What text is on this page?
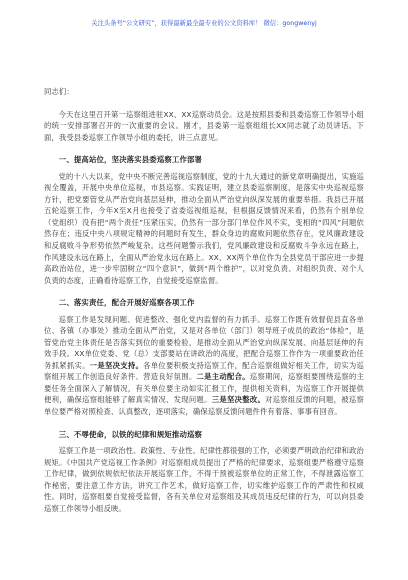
关注头条号“公文研究”，获得最新最全最专业的公文资料库！ 微信：gongwenyj

同志们：

今天在这里召开第一巡察组进驻XX、XX巡察动员会。这是按照县委和县委巡察工作领导小组的统一安排部署召开的一次重要的会议。刚才，县委第一巡察组组长XX同志就了动员讲话。下面，我受县委巡察工作领导小组的委托，讲三点意见。

一、提高站位，坚决落实县委巡察工作部署

党的十八大以来，党中央不断完善巡视巡察制度，党的十九大通过的新党章明确提出，实施巡视全覆盖，开展中央单位巡视，市县巡察。实践证明，建立县委巡察制度，是落实中央巡视巡察方针，把党要管党从严治党向基层延伸，推动全面从严治党向纵深发展的重要举措。我县已开展五轮巡察工作，今年X至X月也接受了省委巡视组巡视，但根据反馈情况来看，仍然有个别单位（党组织）没有把“两个责任”压紧压实，仍然有一部分部门单位作风不实，变相的“四风”问题依然存在；违反中央八项规定精神的问题时有发生，群众身边的腐败问题依然存在，党风廉政建设和反腐败斗争形势依然严峻复杂。这些问题警示我们，党风廉政建设和反腐败斗争永远在路上，作风建设永远在路上，全面从严治党永远在路上。XX、XX两个单位作为全县党员干部应进一步提高政治站位，进一步牢固树立“四个意识”，做到“两个维护”，以对党负责、对组织负责、对个人负责的态度，正确看待巡察工作，自觉接受巡察监督。

二、落实责任，配合开展好巡察各项工作

巡察工作是发现问题、促进整改、强化党内监督的有力抓手。巡察工作既有效督促县直各单位、各镇（办事处）推动全面从严治党，又是对各单位（部门）领导班子成员的政治“体检”，是管党治党主体责任是否落实到位的重要检验，是推动全面从严治党向纵深发展、向基层延伸的有效手段。XX单位党委、党（总）支部要站在讲政治的高度，把配合巡察工作作为一项重要政治任务抓紧抓实。一是坚决支持。各单位要积极支持巡察工作，配合巡察组做好相关工作，切实为巡察组开展工作创造良好条件、营造良好氛围。二是主动配合。巡察期间，巡察组要围绕巡察的主要任务全面深入了解情况，有关单位要主动如实汇报工作，提供相关资料，为巡察工作开展提供便利，确保巡察组能够了解真实情况、发现问题。三是坚决整改。对巡察组反馈的问题，被巡察单位要严格对照检查、认真整改，逐项落实，确保巡察反馈问题件件有着落、事事有回音。

三、不辱使命，以铁的纪律和规矩推动巡察

巡察工作是一项政治性、政策性、专业性、纪律性都很强的工作，必须要严明政治纪律和政治规矩。《中国共产党巡视工作条例》对巡察组成员提出了严格的纪律要求，巡察组要严格遵守巡察工作纪律，做到依规依纪依法开展巡察工作，不得干预被巡察单位的正常工作，不得泄露巡察工作秘密，要注意工作方法，讲究工作艺术，做好巡察工作，切实维护巡察工作的严肃性和权威性。同时，巡察组要自觉接受监督，各有关单位对巡察组及其成员违反纪律的行为，可以向县委巡察工作领导小组反映。
